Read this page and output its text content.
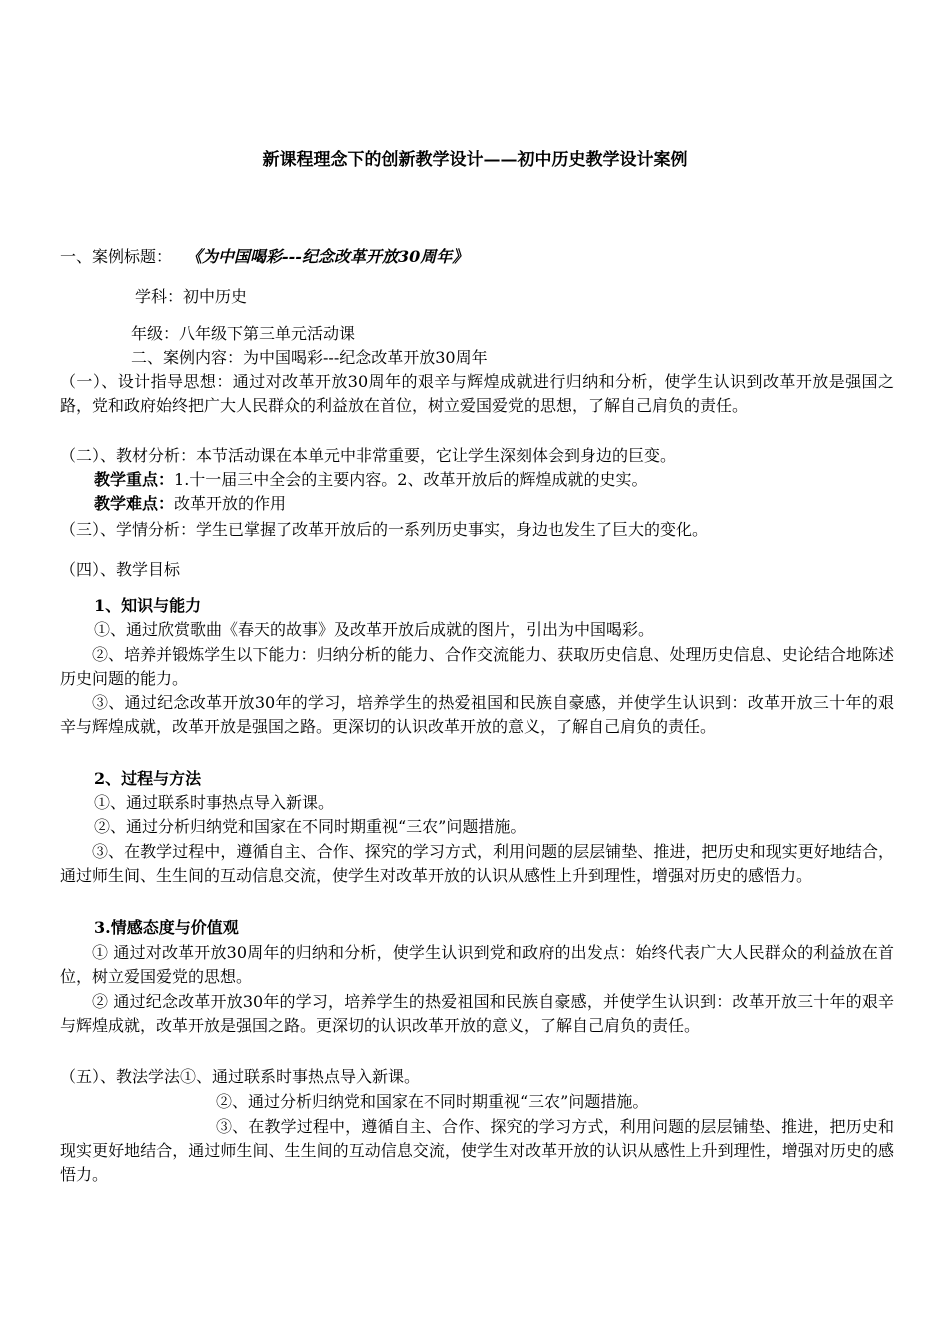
新课程理念下的创新教学设计——初中历史教学设计案例
一、案例标题： 《为中国喝彩---纪念改革开放30周年》
学科：初中历史
年级：八年级下第三单元活动课
二、案例内容：为中国喝彩---纪念改革开放30周年
（一）、设计指导思想：通过对改革开放30周年的艰辛与辉煌成就进行归纳和分析，使学生认识到改革开放是强国之路，党和政府始终把广大人民群众的利益放在首位，树立爱国爱党的思想，了解自己肩负的责任。
（二）、教材分析：本节活动课在本单元中非常重要，它让学生深刻体会到身边的巨变。
教学重点：1.十一届三中全会的主要内容。2、改革开放后的辉煌成就的史实。
教学难点：改革开放的作用
（三）、学情分析：学生已掌握了改革开放后的一系列历史事实，身边也发生了巨大的变化。
（四）、教学目标
1、知识与能力
①、通过欣赏歌曲《春天的故事》及改革开放后成就的图片，引出为中国喝彩。
②、培养并锻炼学生以下能力：归纳分析的能力、合作交流能力、获取历史信息、处理历史信息、史论结合地陈述历史问题的能力。
③、通过纪念改革开放30年的学习，培养学生的热爱祖国和民族自豪感，并使学生认识到：改革开放三十年的艰辛与辉煌成就，改革开放是强国之路。更深切的认识改革开放的意义，了解自己肩负的责任。
2、过程与方法
①、通过联系时事热点导入新课。
②、通过分析归纳党和国家在不同时期重视“三农”问题措施。
③、在教学过程中，遵循自主、合作、探究的学习方式，利用问题的层层铺垫、推进，把历史和现实更好地结合，通过师生间、生生间的互动信息交流，使学生对改革开放的认识从感性上升到理性，增强对历史的感悟力。
3.情感态度与价值观
① 通过对改革开放30周年的归纳和分析，使学生认识到党和政府的出发点：始终代表广大人民群众的利益放在首位，树立爱国爱党的思想。
② 通过纪念改革开放30年的学习，培养学生的热爱祖国和民族自豪感，并使学生认识到：改革开放三十年的艰辛与辉煌成就，改革开放是强国之路。更深切的认识改革开放的意义，了解自己肩负的责任。
（五）、教法学法①、通过联系时事热点导入新课。
②、通过分析归纳党和国家在不同时期重视“三农”问题措施。
③、在教学过程中，遵循自主、合作、探究的学习方式，利用问题的层层铺垫、推进，把历史和现实更好地结合，通过师生间、生生间的互动信息交流，使学生对改革开放的认识从感性上升到理性，增强对历史的感悟力。
